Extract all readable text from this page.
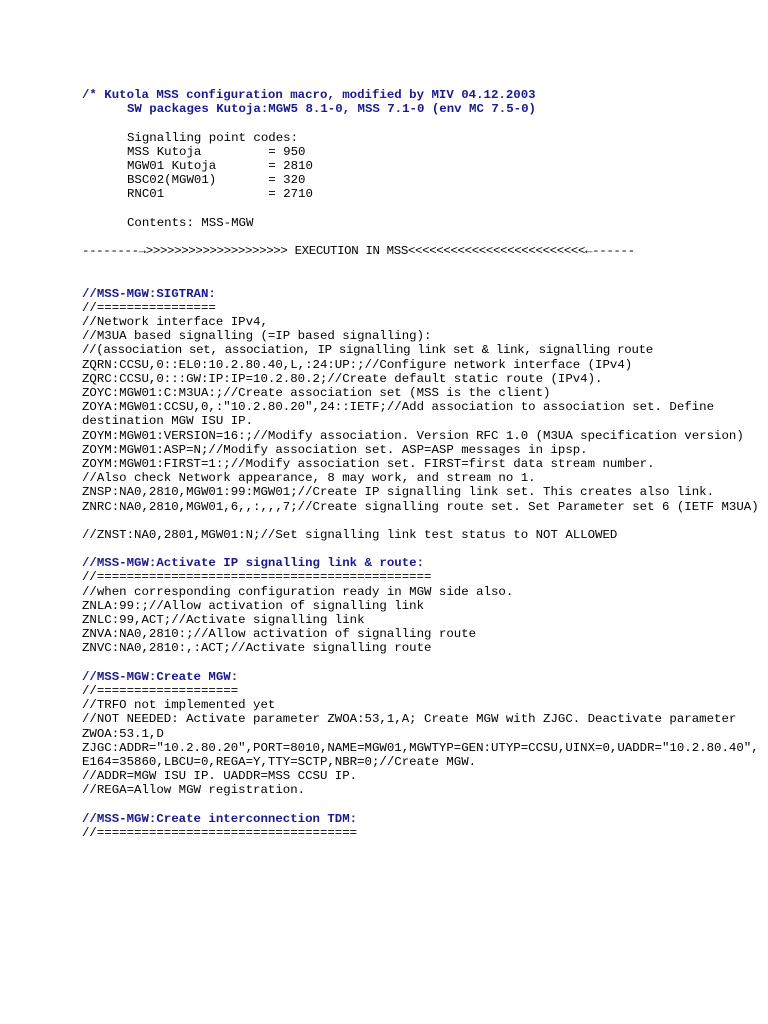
/* Kutola MSS configuration macro, modified by MIV 04.12.2003
SW packages Kutoja:MGW5 8.1-0, MSS 7.1-0 (env MC 7.5-0)
Signalling point codes:
MSS Kutoja         = 950
MGW01 Kutoja       = 2810
BSC02(MGW01)       = 320
RNC01              = 2710
Contents: MSS-MGW
--------→>>>>>>>>>>>>>>>>>>>> EXECUTION IN MSS<<<<<<<<<<<<<<<<<<<<<<<<<←------
//MSS-MGW:SIGTRAN:
//================
//Network interface IPv4,
//M3UA based signalling (=IP based signalling):
//(association set, association, IP signalling link set & link, signalling route
ZQRN:CCSU,0::EL0:10.2.80.40,L,:24:UP:;//Configure network interface (IPv4)
ZQRC:CCSU,0:::GW:IP:IP=10.2.80.2;//Create default static route (IPv4).
ZOYC:MGW01:C:M3UA:;//Create association set (MSS is the client)
ZOYA:MGW01:CCSU,0,:"10.2.80.20",24::IETF;//Add association to association set. Define destination MGW ISU IP.
ZOYM:MGW01:VERSION=16:;//Modify association. Version RFC 1.0 (M3UA specification version)
ZOYM:MGW01:ASP=N;//Modify association set. ASP=ASP messages in ipsp.
ZOYM:MGW01:FIRST=1:;//Modify association set. FIRST=first data stream number.
//Also check Network appearance, 8 may work, and stream no 1.
ZNSP:NA0,2810,MGW01:99:MGW01;//Create IP signalling link set. This creates also link.
ZNRC:NA0,2810,MGW01,6,,:,,,7;//Create signalling route set. Set Parameter set 6 (IETF M3UA)
//ZNST:NA0,2801,MGW01:N;//Set signalling link test status to NOT ALLOWED
//MSS-MGW:Activate IP signalling link & route:
//=============================================
//when corresponding configuration ready in MGW side also.
ZNLA:99:;//Allow activation of signalling link
ZNLC:99,ACT;//Activate signalling link
ZNVA:NA0,2810:;//Allow activation of signalling route
ZNVC:NA0,2810:,:ACT;//Activate signalling route
//MSS-MGW:Create MGW:
//===================
//TRFO not implemented yet
//NOT NEEDED: Activate parameter ZWOA:53,1,A; Create MGW with ZJGC. Deactivate parameter ZWOA:53.1,D
ZJGC:ADDR="10.2.80.20",PORT=8010,NAME=MGW01,MGWTYP=GEN:UTYP=CCSU,UINX=0,UADDR="10.2.80.40",E164=35860,LBCU=0,REGA=Y,TTY=SCTP,NBR=0;//Create MGW.
//ADDR=MGW ISU IP. UADDR=MSS CCSU IP.
//REGA=Allow MGW registration.
//MSS-MGW:Create interconnection TDM:
//===================================
